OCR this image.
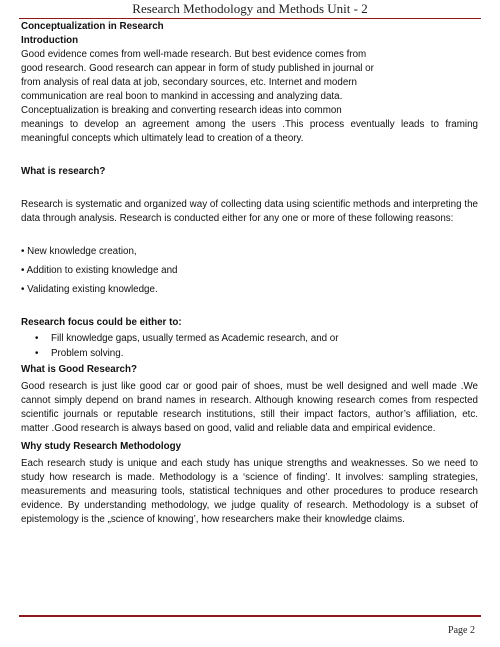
Research Methodology and Methods Unit - 2

Conceptualization in Research

Introduction

Good evidence comes from well-made research. But best evidence comes from

good research. Good research can appear in form of study published in journal or

from analysis of real data at job, secondary sources, etc. Internet and modern

communication are real boon to mankind in accessing and analyzing data.

Conceptualization is breaking and converting research ideas into common

meanings to develop an agreement among the users .This process eventually leads to framing meaningful concepts which ultimately lead to creation of a theory.

What is research?

Research is systematic and organized way of collecting data using scientific methods and interpreting the data through analysis. Research is conducted either for any one or more of these following reasons:

• New knowledge creation,
• Addition to existing knowledge and
• Validating existing knowledge.

Research focus could be either to:

• Fill knowledge gaps, usually termed as Academic research, and or
• Problem solving.

What is Good Research?

Good research is just like good car or good pair of shoes, must be well designed and well made .We cannot simply depend on brand names in research. Although knowing research comes from respected scientific journals or reputable research institutions, still their impact factors, author’s affiliation, etc. matter .Good research is always based on good, valid and reliable data and empirical evidence.

Why study Research Methodology

Each research study is unique and each study has unique strengths and weaknesses. So we need to study how research is made. Methodology is a ‘science of finding’. It involves: sampling strategies, measurements and measuring tools, statistical techniques and other procedures to produce research evidence. By understanding methodology, we judge quality of research. Methodology is a subset of epistemology is the „science of knowing’, how researchers make their knowledge claims.

Page 2
